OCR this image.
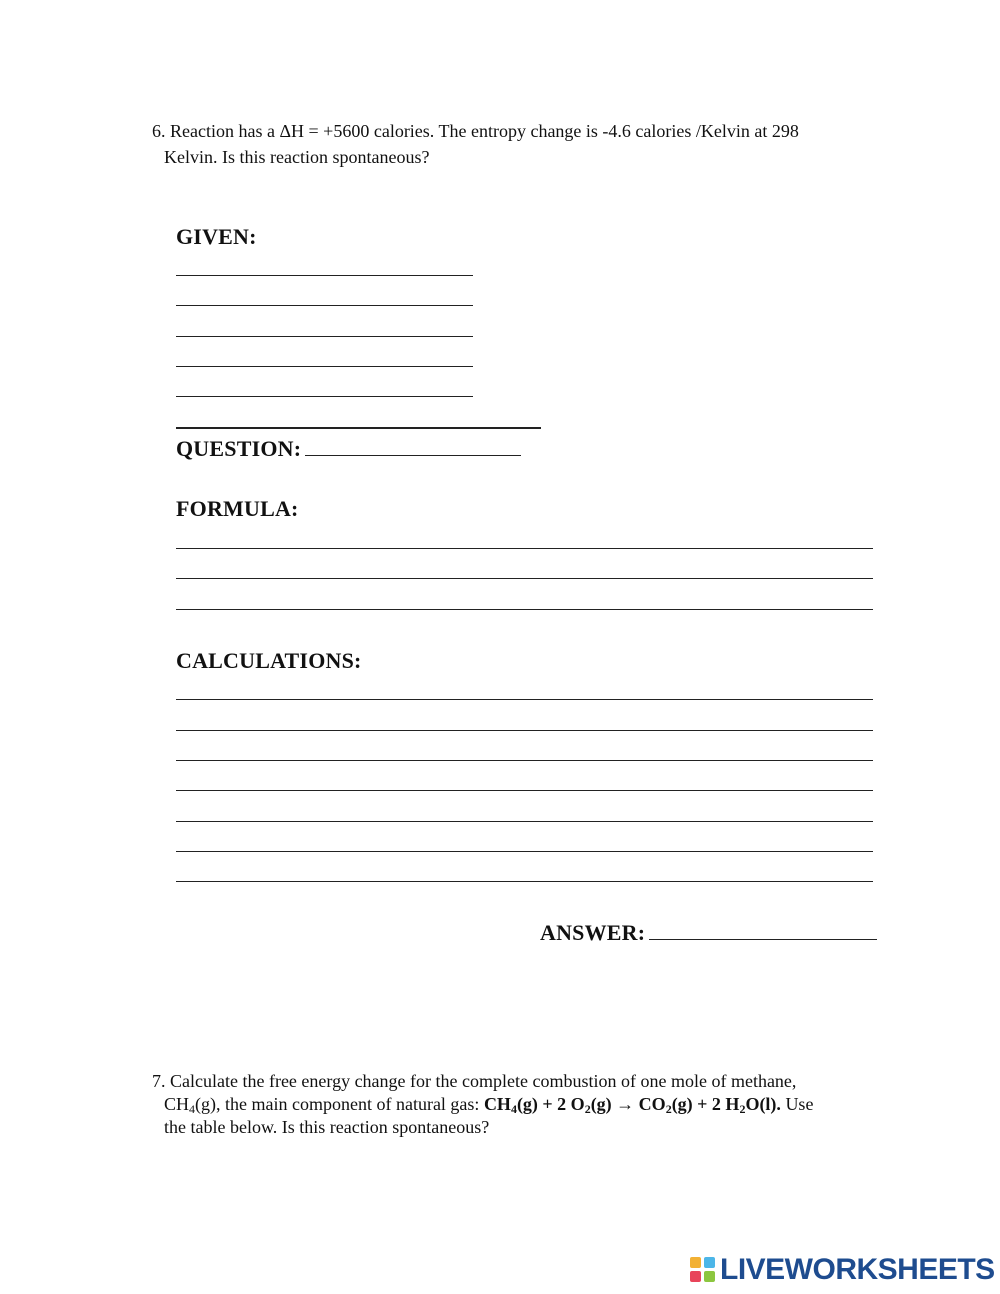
6. Reaction has a ΔH = +5600 calories. The entropy change is -4.6 calories /Kelvin at 298
Kelvin. Is this reaction spontaneous?
GIVEN:
QUESTION:
FORMULA:
CALCULATIONS:
ANSWER:
7. Calculate the free energy change for the complete combustion of one mole of methane,
$CH_4(g)$, the main component of natural gas: $CH_4(g) + 2$ $O_2(g) \to CO_2(g) + 2$ $H_2O(l)$. Use
the table below. Is this reaction spontaneous?
LIVEWORKSHEETS
